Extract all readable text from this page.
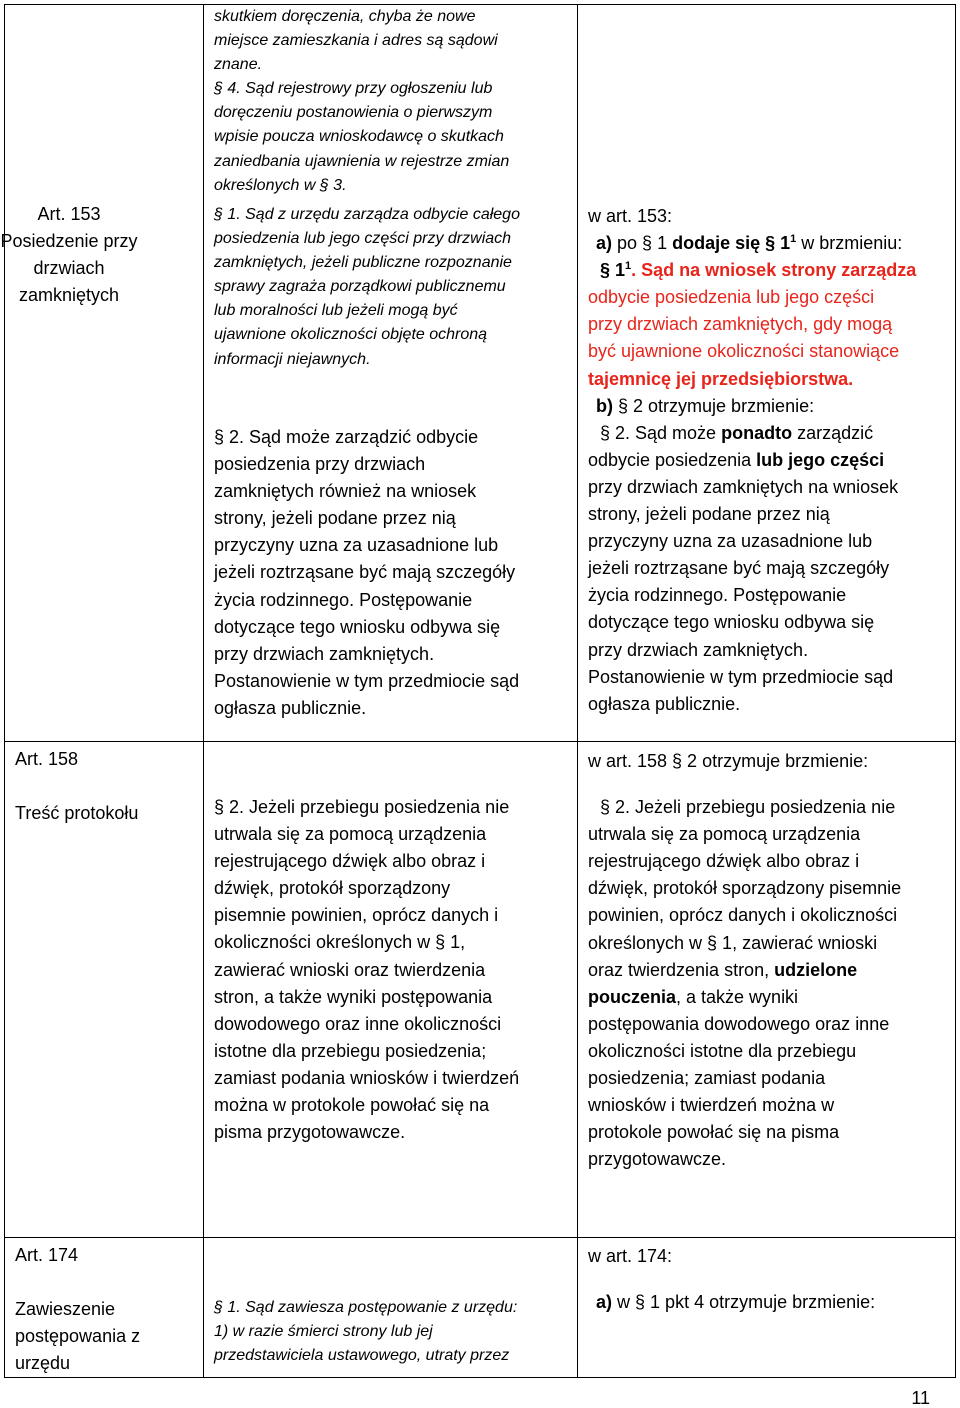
Art. 153
Posiedzenie przy
drzwiach
zamkniętych
Art. 158
Treść protokołu
Art. 174
Zawieszenie
postępowania z
urzędu
skutkiem doręczenia, chyba że nowe
miejsce zamieszkania i adres są sądowi
znane.
§ 4. Sąd rejestrowy przy ogłoszeniu lub
doręczeniu postanowienia o pierwszym
wpisie poucza wnioskodawcę o skutkach
zaniedbania ujawnienia w rejestrze zmian
określonych w § 3.
§ 1. Sąd z urzędu zarządza odbycie całego
posiedzenia lub jego części przy drzwiach
zamkniętych, jeżeli publiczne rozpoznanie
sprawy zagraża porządkowi publicznemu
lub moralności lub jeżeli mogą być
ujawnione okoliczności objęte ochroną
informacji niejawnych.
§ 2. Sąd może zarządzić odbycie
posiedzenia przy drzwiach
zamkniętych również na wniosek
strony, jeżeli podane przez nią
przyczyny uzna za uzasadnione lub
jeżeli roztrząsane być mają szczegóły
życia rodzinnego. Postępowanie
dotyczące tego wniosku odbywa się
przy drzwiach zamkniętych.
Postanowienie w tym przedmiocie sąd
ogłasza publicznie.
§ 2. Jeżeli przebiegu posiedzenia nie
utrwala się za pomocą urządzenia
rejestrującego dźwięk albo obraz i
dźwięk, protokół sporządzony
pisemnie powinien, oprócz danych i
okoliczności określonych w § 1,
zawierać wnioski oraz twierdzenia
stron, a także wyniki postępowania
dowodowego oraz inne okoliczności
istotne dla przebiegu posiedzenia;
zamiast podania wniosków i twierdzeń
można w protokole powołać się na
pisma przygotowawcze.
§ 1. Sąd zawiesza postępowanie z urzędu:
1) w razie śmierci strony lub jej
przedstawiciela ustawowego, utraty przez
w art. 153:
a) po § 1 dodaje się § $1^1$ w brzmieniu:
§ $1^1$. Sąd na wniosek strony zarządza
odbycie posiedzenia lub jego części
przy drzwiach zamkniętych, gdy mogą
być ujawnione okoliczności stanowiące
tajemnicę jej przedsiębiorstwa.
b) § 2 otrzymuje brzmienie:
§ 2. Sąd może ponadto zarządzić
odbycie posiedzenia lub jego części
przy drzwiach zamkniętych na wniosek
strony, jeżeli podane przez nią
przyczyny uzna za uzasadnione lub
jeżeli roztrząsane być mają szczegóły
życia rodzinnego. Postępowanie
dotyczące tego wniosku odbywa się
przy drzwiach zamkniętych.
Postanowienie w tym przedmiocie sąd
ogłasza publicznie.
w art. 158 § 2 otrzymuje brzmienie:
§ 2. Jeżeli przebiegu posiedzenia nie
utrwala się za pomocą urządzenia
rejestrującego dźwięk albo obraz i
dźwięk, protokół sporządzony pisemnie
powinien, oprócz danych i okoliczności
określonych w § 1, zawierać wnioski
oraz twierdzenia stron, udzielone
pouczenia, a także wyniki
postępowania dowodowego oraz inne
okoliczności istotne dla przebiegu
posiedzenia; zamiast podania
wniosków i twierdzeń można w
protokole powołać się na pisma
przygotowawcze.
w art. 174:
a) w § 1 pkt 4 otrzymuje brzmienie:
11
